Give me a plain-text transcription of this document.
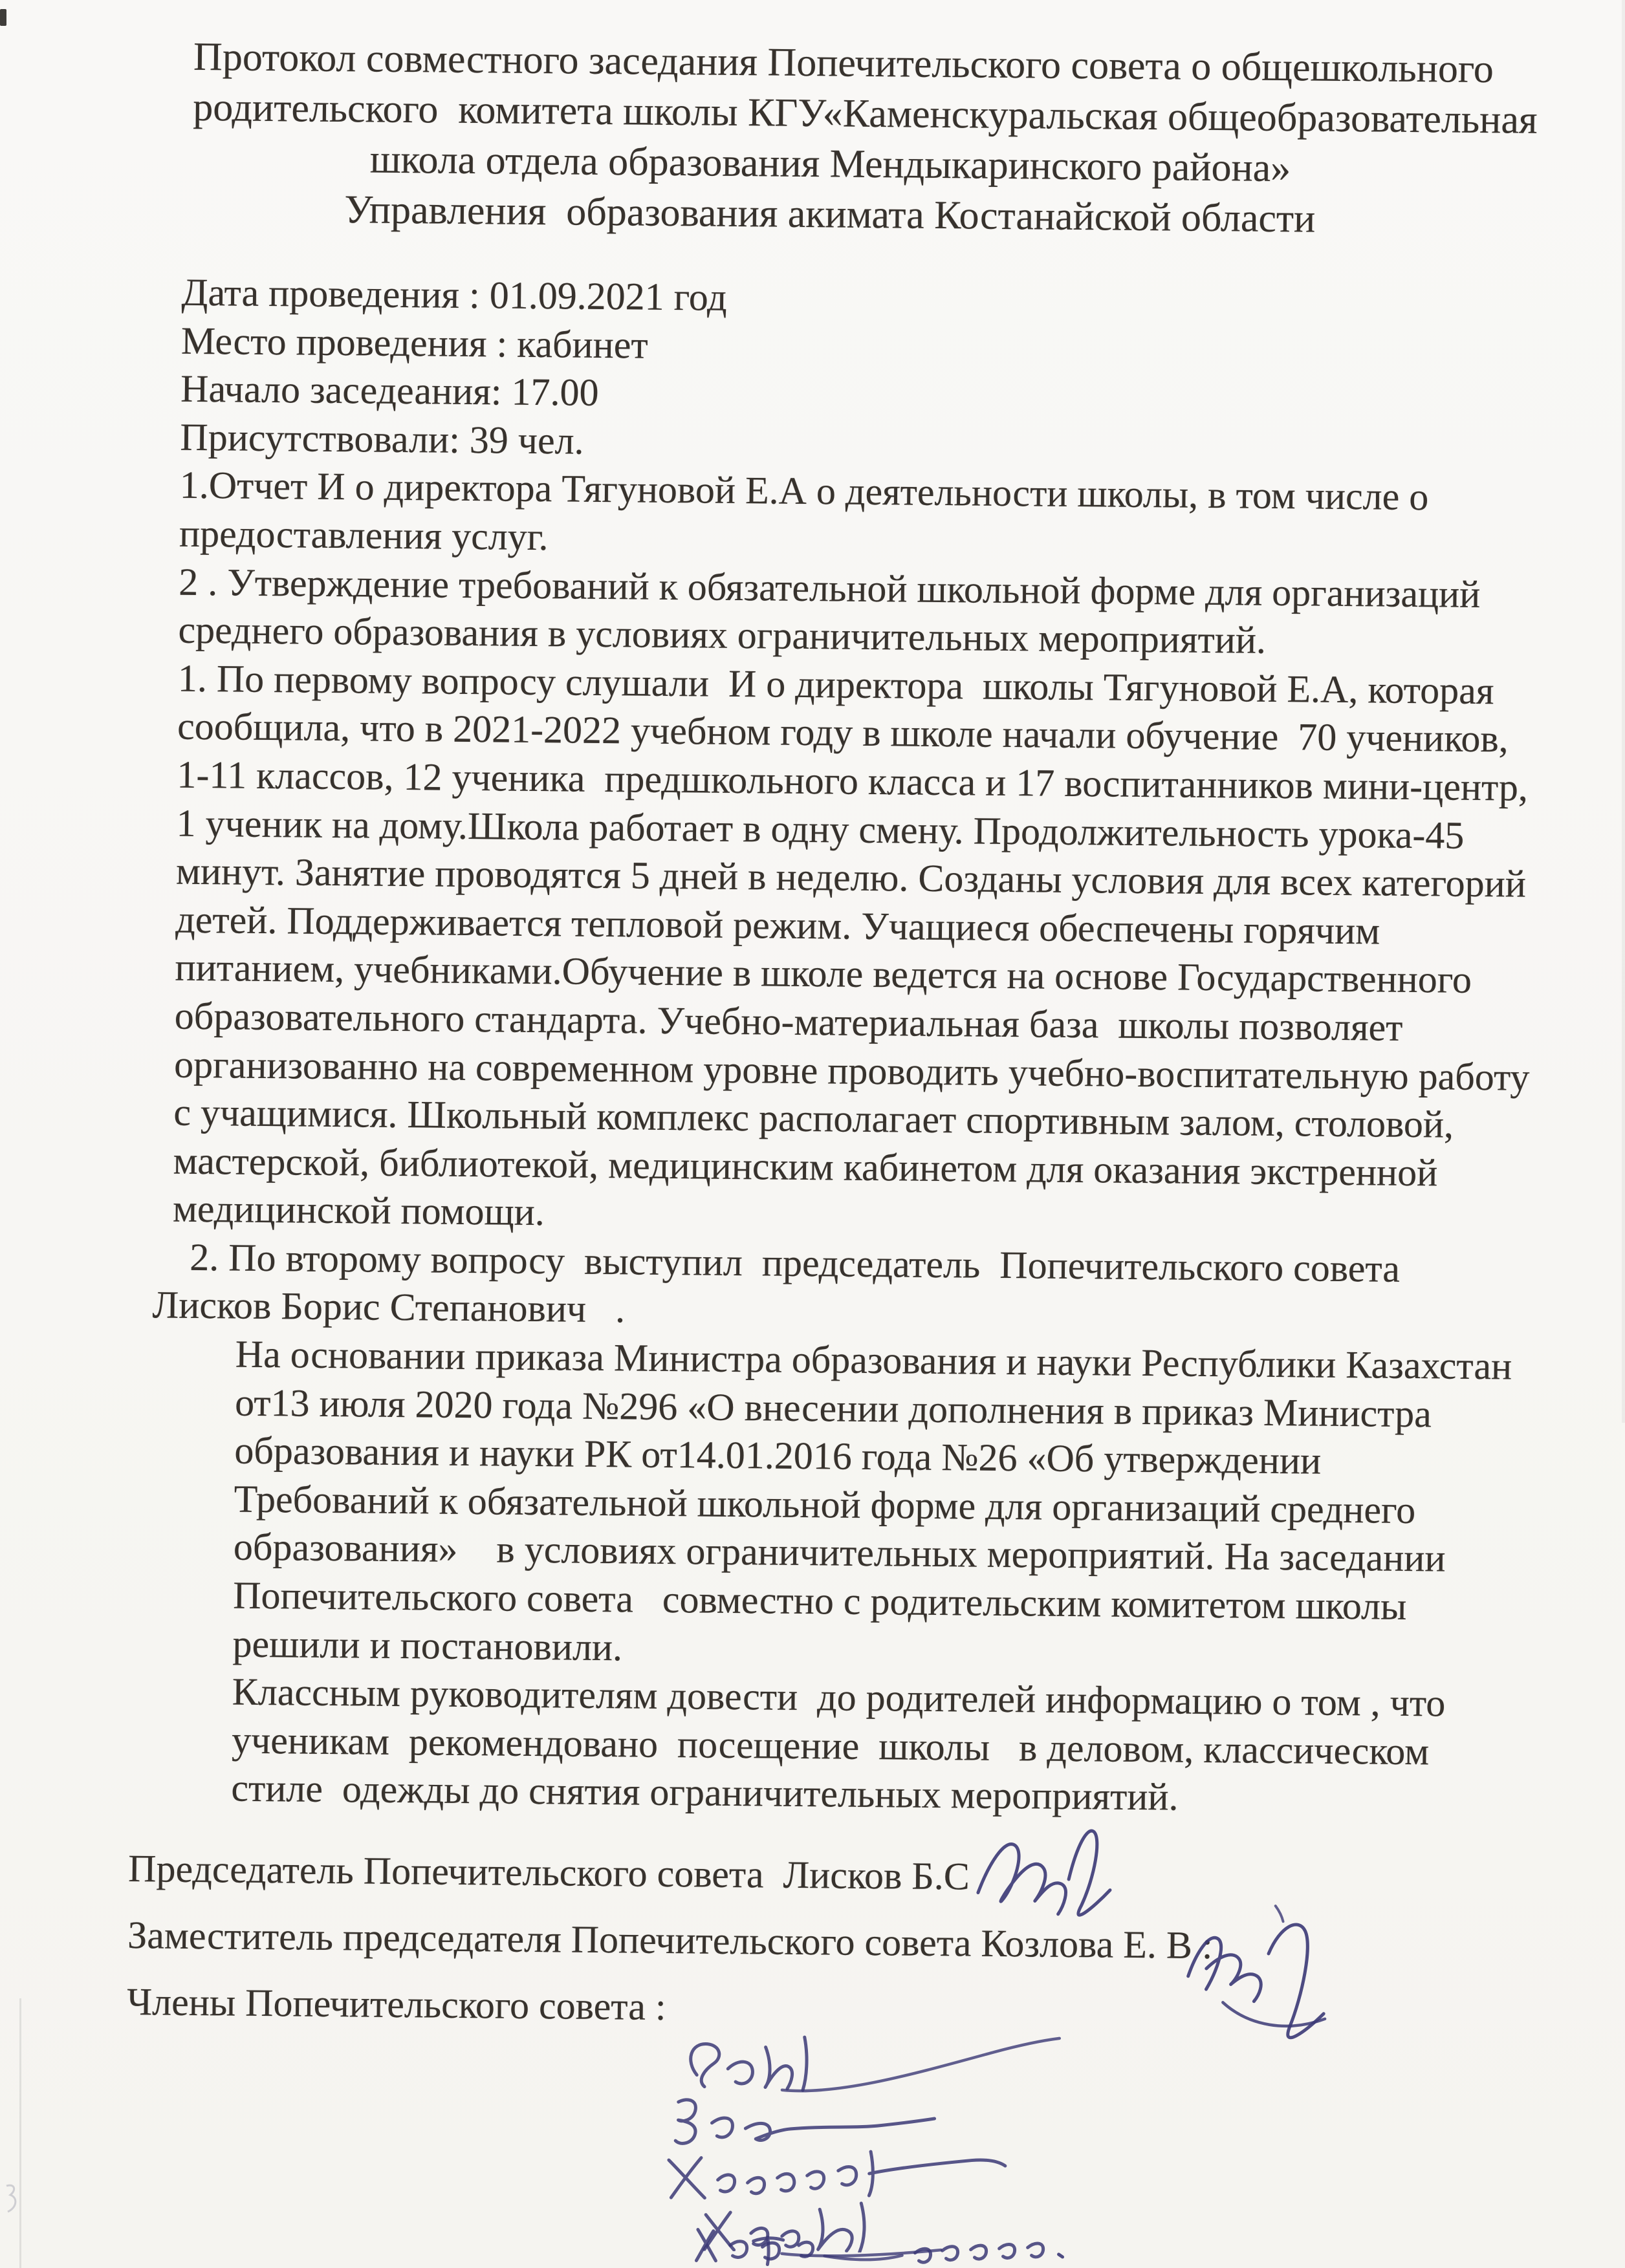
Протокол совместного заседания Попечительского совета о общешкольного
родительского  комитета школы КГУ«Каменскуральская общеобразовательная
школа отдела образования Мендыкаринского района»
Управления  образования акимата Костанайской области
Дата проведения : 01.09.2021 год
Место проведения : кабинет
Начало заседеания: 17.00
Присутствовали: 39 чел.
1.Отчет И о директора Тягуновой Е.А о деятельности школы, в том числе о
предоставления услуг.
2 . Утверждение требований к обязательной школьной форме для организаций
среднего образования в условиях ограничительных мероприятий.
1. По первому вопросу слушали  И о директора  школы Тягуновой Е.А, которая
сообщила, что в 2021-2022 учебном году в школе начали обучение  70 учеников,
1-11 классов, 12 ученика  предшкольного класса и 17 воспитанников мини-центр,
1 ученик на дому.Школа работает в одну смену. Продолжительность урока-45
минут. Занятие проводятся 5 дней в неделю. Созданы условия для всех категорий
детей. Поддерживается тепловой режим. Учащиеся обеспечены горячим
питанием, учебниками.Обучение в школе ведется на основе Государственного
образовательного стандарта. Учебно-материальная база  школы позволяет
организованно на современном уровне проводить учебно-воспитательную работу
с учащимися. Школьный комплекс располагает спортивным залом, столовой,
мастерской, библиотекой, медицинским кабинетом для оказания экстренной
медицинской помощи.
2. По второму вопросу  выступил  председатель  Попечительского совета
Лисков Борис Степанович   .
На основании приказа Министра образования и науки Республики Казахстан
от13 июля 2020 года №296 «О внесении дополнения в приказ Министра
образования и науки РК от14.01.2016 года №26 «Об утверждении
Требований к обязательной школьной форме для организаций среднего
образования»    в условиях ограничительных мероприятий. На заседании
Попечительского совета   совместно с родительским комитетом школы
решили и постановили.
Классным руководителям довести  до родителей информацию о том , что
ученикам  рекомендовано  посещение  школы   в деловом, классическом
стиле  одежды до снятия ограничительных мероприятий.
Председатель Попечительского совета  Лисков Б.С
Заместитель председателя Попечительского совета Козлова Е. В :
Члены Попечительского совета :
